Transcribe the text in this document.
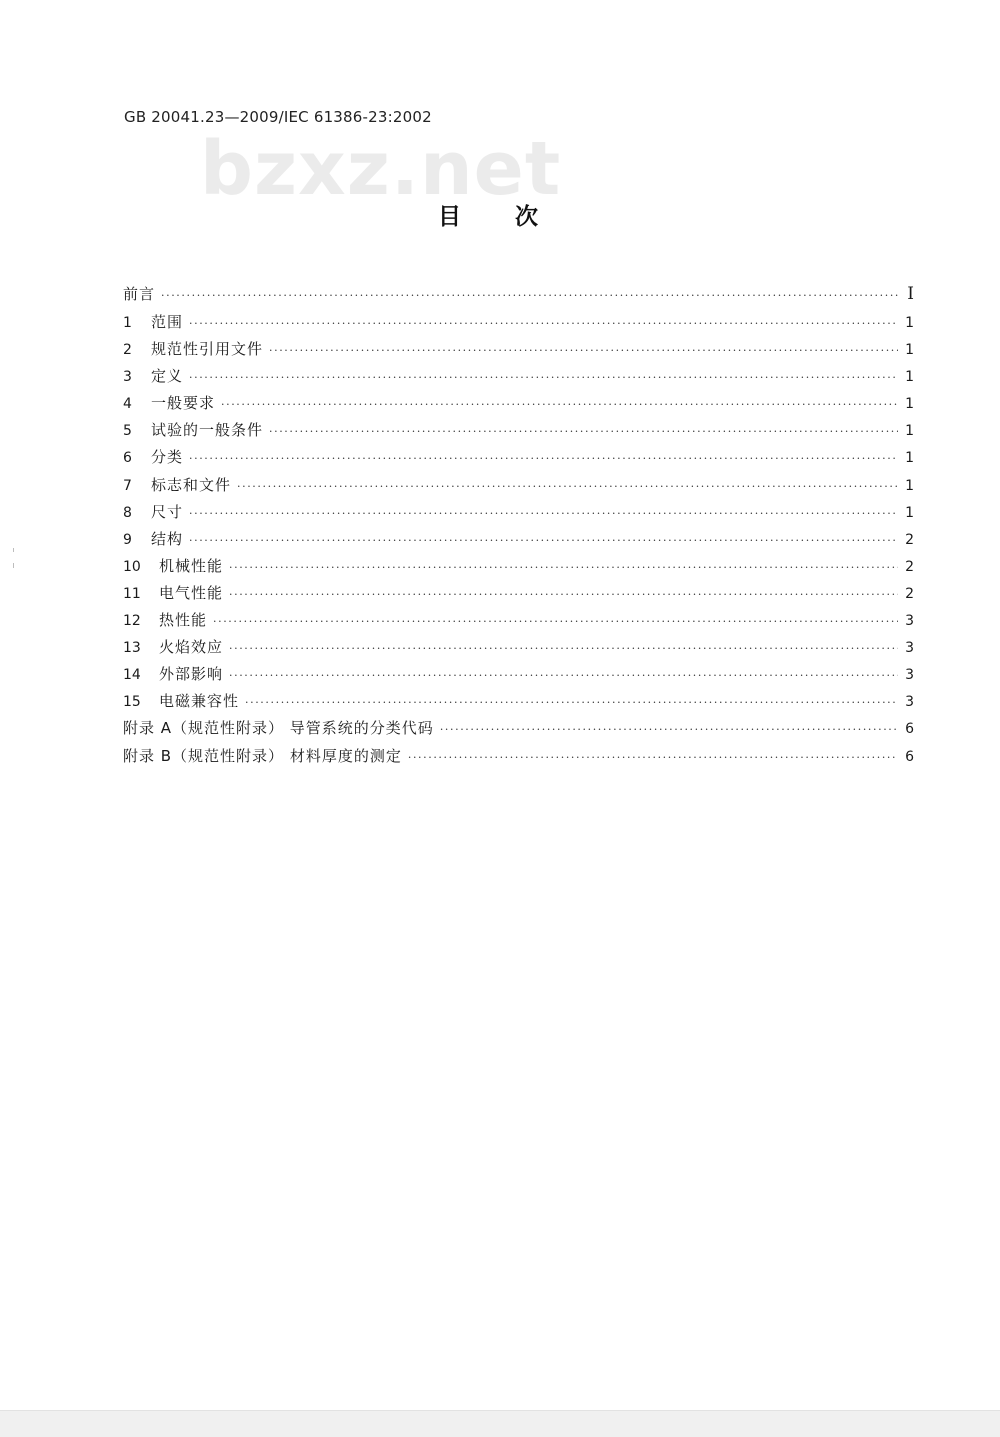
GB 20041.23—2009/IEC 61386-23:2002
bzxz.net
目次
前言 ·····	I
1	范围 ·····	1
2	规范性引用文件 ·····	1
3	定义 ·····	1
4	一般要求 ·····	1
5	试验的一般条件 ·····	1
6	分类 ·····	1
7	标志和文件 ·····	1
8	尺寸 ·····	1
9	结构 ·····	2
10	机械性能 ·····	2
11	电气性能 ·····	2
12	热性能 ·····	3
13	火焰效应 ·····	3
14	外部影响 ·····	3
15	电磁兼容性 ·····	3
附录 A（规范性附录） 导管系统的分类代码 ·····	6
附录 B（规范性附录） 材料厚度的测定 ·····	6
